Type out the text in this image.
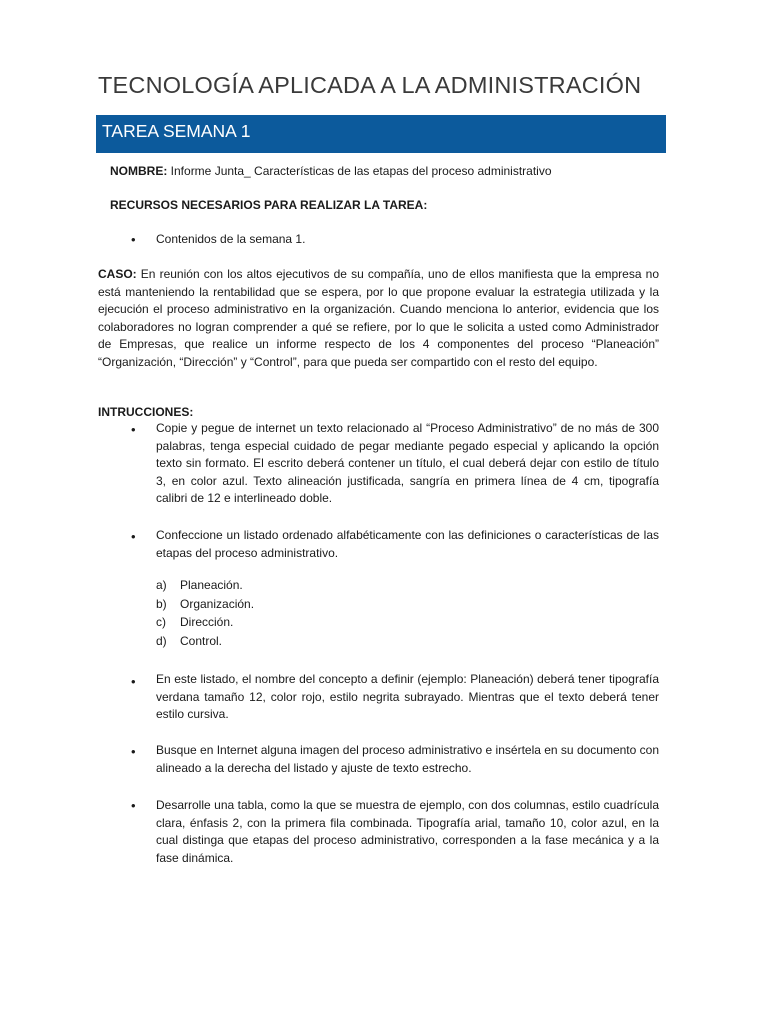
TECNOLOGÍA APLICADA A LA ADMINISTRACIÓN
TAREA SEMANA 1
NOMBRE: Informe Junta_ Características de las etapas del proceso administrativo
RECURSOS NECESARIOS PARA REALIZAR LA TAREA:
• Contenidos de la semana 1.
CASO: En reunión con los altos ejecutivos de su compañía, uno de ellos manifiesta que la empresa no está manteniendo la rentabilidad que se espera, por lo que propone evaluar la estrategia utilizada y la ejecución el proceso administrativo en la organización. Cuando menciona lo anterior, evidencia que los colaboradores no logran comprender a qué se refiere, por lo que le solicita a usted como Administrador de Empresas, que realice un informe respecto de los 4 componentes del proceso “Planeación” “Organización, “Dirección” y “Control”, para que pueda ser compartido con el resto del equipo.
INTRUCCIONES:
• Copie y pegue de internet un texto relacionado al “Proceso Administrativo” de no más de 300 palabras, tenga especial cuidado de pegar mediante pegado especial y aplicando la opción texto sin formato. El escrito deberá contener un título, el cual deberá dejar con estilo de título 3, en color azul. Texto alineación justificada, sangría en primera línea de 4 cm, tipografía calibri de 12 e interlineado doble.
• Confeccione un listado ordenado alfabéticamente con las definiciones o características de las etapas del proceso administrativo.
a) Planeación.
b) Organización.
c) Dirección.
d) Control.
• En este listado, el nombre del concepto a definir (ejemplo: Planeación) deberá tener tipografía verdana tamaño 12, color rojo, estilo negrita subrayado. Mientras que el texto deberá tener estilo cursiva.
• Busque en Internet alguna imagen del proceso administrativo e insértela en su documento con alineado a la derecha del listado y ajuste de texto estrecho.
• Desarrolle una tabla, como la que se muestra de ejemplo, con dos columnas, estilo cuadrícula clara, énfasis 2, con la primera fila combinada. Tipografía arial, tamaño 10, color azul, en la cual distinga que etapas del proceso administrativo, corresponden a la fase mecánica y a la fase dinámica.
